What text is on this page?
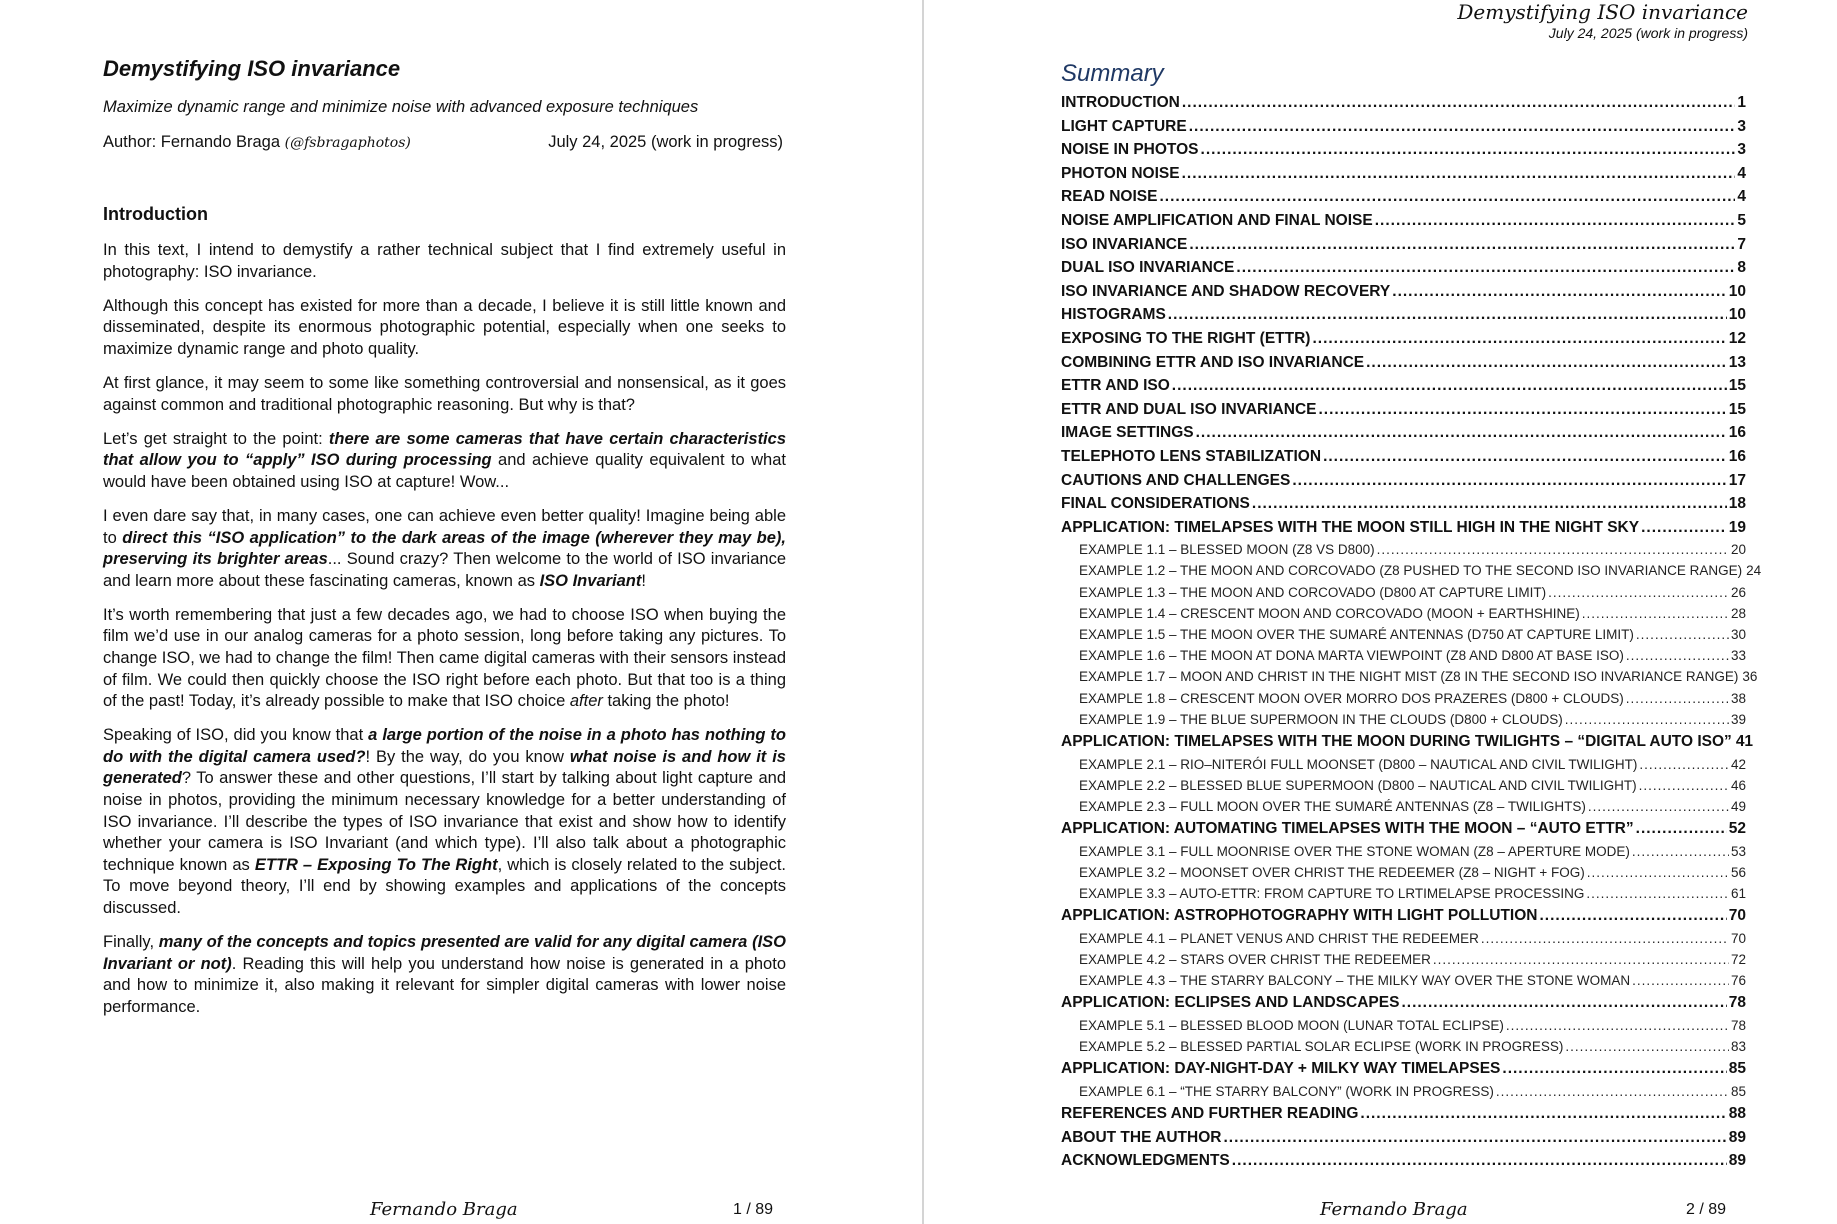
Demystifying ISO invariance
Maximize dynamic range and minimize noise with advanced exposure techniques
Author: Fernando Braga (@fsbragaphotos)	July 24, 2025 (work in progress)
Introduction

In this text, I intend to demystify a rather technical subject that I find extremely useful in photography: ISO invariance.

Although this concept has existed for more than a decade, I believe it is still little known and disseminated, despite its enormous photographic potential, especially when one seeks to maximize dynamic range and photo quality.

At first glance, it may seem to some like something controversial and nonsensical, as it goes against common and traditional photographic reasoning. But why is that?

Let’s get straight to the point: there are some cameras that have certain characteristics that allow you to “apply” ISO during processing and achieve quality equivalent to what would have been obtained using ISO at capture! Wow...

I even dare say that, in many cases, one can achieve even better quality! Imagine being able to direct this “ISO application” to the dark areas of the image (wherever they may be), preserving its brighter areas... Sound crazy? Then welcome to the world of ISO invariance and learn more about these fascinating cameras, known as ISO Invariant!

It’s worth remembering that just a few decades ago, we had to choose ISO when buying the film we’d use in our analog cameras for a photo session, long before taking any pictures. To change ISO, we had to change the film! Then came digital cameras with their sensors instead of film. We could then quickly choose the ISO right before each photo. But that too is a thing of the past! Today, it’s already possible to make that ISO choice after taking the photo!

Speaking of ISO, did you know that a large portion of the noise in a photo has nothing to do with the digital camera used?! By the way, do you know what noise is and how it is generated? To answer these and other questions, I’ll start by talking about light capture and noise in photos, providing the minimum necessary knowledge for a better understanding of ISO invariance. I’ll describe the types of ISO invariance that exist and show how to identify whether your camera is ISO Invariant (and which type). I’ll also talk about a photographic technique known as ETTR – Exposing To The Right, which is closely related to the subject. To move beyond theory, I’ll end by showing examples and applications of the concepts discussed.

Finally, many of the concepts and topics presented are valid for any digital camera (ISO Invariant or not). Reading this will help you understand how noise is generated in a photo and how to minimize it, also making it relevant for simpler digital cameras with lower noise performance.

Fernando Braga	1 / 89
Demystifying ISO invariance
July 24, 2025 (work in progress)
Summary
INTRODUCTION .....	1
LIGHT CAPTURE .....	3
NOISE IN PHOTOS .....	3
PHOTON NOISE .....	4
READ NOISE .....	4
NOISE AMPLIFICATION AND FINAL NOISE .....	5
ISO INVARIANCE .....	7
DUAL ISO INVARIANCE .....	8
ISO INVARIANCE AND SHADOW RECOVERY .....	10
HISTOGRAMS .....	10
EXPOSING TO THE RIGHT (ETTR) .....	12
COMBINING ETTR AND ISO INVARIANCE .....	13
ETTR AND ISO .....	15
ETTR AND DUAL ISO INVARIANCE .....	15
IMAGE SETTINGS .....	16
TELEPHOTO LENS STABILIZATION .....	16
CAUTIONS AND CHALLENGES .....	17
FINAL CONSIDERATIONS .....	18
APPLICATION: TIMELAPSES WITH THE MOON STILL HIGH IN THE NIGHT SKY .....	19
EXAMPLE 1.1 – BLESSED MOON (Z8 VS D800) .....	20
EXAMPLE 1.2 – THE MOON AND CORCOVADO (Z8 PUSHED TO THE SECOND ISO INVARIANCE RANGE) 24
EXAMPLE 1.3 – THE MOON AND CORCOVADO (D800 AT CAPTURE LIMIT) .....	26
EXAMPLE 1.4 – CRESCENT MOON AND CORCOVADO (MOON + EARTHSHINE) .....	28
EXAMPLE 1.5 – THE MOON OVER THE SUMARÉ ANTENNAS (D750 AT CAPTURE LIMIT) .....	30
EXAMPLE 1.6 – THE MOON AT DONA MARTA VIEWPOINT (Z8 AND D800 AT BASE ISO) .....	33
EXAMPLE 1.7 – MOON AND CHRIST IN THE NIGHT MIST (Z8 IN THE SECOND ISO INVARIANCE RANGE) 36
EXAMPLE 1.8 – CRESCENT MOON OVER MORRO DOS PRAZERES (D800 + CLOUDS) .....	38
EXAMPLE 1.9 – THE BLUE SUPERMOON IN THE CLOUDS (D800 + CLOUDS) .....	39
APPLICATION: TIMELAPSES WITH THE MOON DURING TWILIGHTS – “DIGITAL AUTO ISO” 41
EXAMPLE 2.1 – RIO–NITERÓI FULL MOONSET (D800 – NAUTICAL AND CIVIL TWILIGHT) .....	42
EXAMPLE 2.2 – BLESSED BLUE SUPERMOON (D800 – NAUTICAL AND CIVIL TWILIGHT) .....	46
EXAMPLE 2.3 – FULL MOON OVER THE SUMARÉ ANTENNAS (Z8 – TWILIGHTS) .....	49
APPLICATION: AUTOMATING TIMELAPSES WITH THE MOON – “AUTO ETTR” .....	52
EXAMPLE 3.1 – FULL MOONRISE OVER THE STONE WOMAN (Z8 – APERTURE MODE) .....	53
EXAMPLE 3.2 – MOONSET OVER CHRIST THE REDEEMER (Z8 – NIGHT + FOG) .....	56
EXAMPLE 3.3 – AUTO-ETTR: FROM CAPTURE TO LRTIMELAPSE PROCESSING .....	61
APPLICATION: ASTROPHOTOGRAPHY WITH LIGHT POLLUTION .....	70
EXAMPLE 4.1 – PLANET VENUS AND CHRIST THE REDEEMER .....	70
EXAMPLE 4.2 – STARS OVER CHRIST THE REDEEMER .....	72
EXAMPLE 4.3 – THE STARRY BALCONY – THE MILKY WAY OVER THE STONE WOMAN .....	76
APPLICATION: ECLIPSES AND LANDSCAPES .....	78
EXAMPLE 5.1 – BLESSED BLOOD MOON (LUNAR TOTAL ECLIPSE) .....	78
EXAMPLE 5.2 – BLESSED PARTIAL SOLAR ECLIPSE (WORK IN PROGRESS) .....	83
APPLICATION: DAY-NIGHT-DAY + MILKY WAY TIMELAPSES .....	85
EXAMPLE 6.1 – “THE STARRY BALCONY” (WORK IN PROGRESS) .....	85
REFERENCES AND FURTHER READING .....	88
ABOUT THE AUTHOR .....	89
ACKNOWLEDGMENTS .....	89
Fernando Braga	2 / 89
